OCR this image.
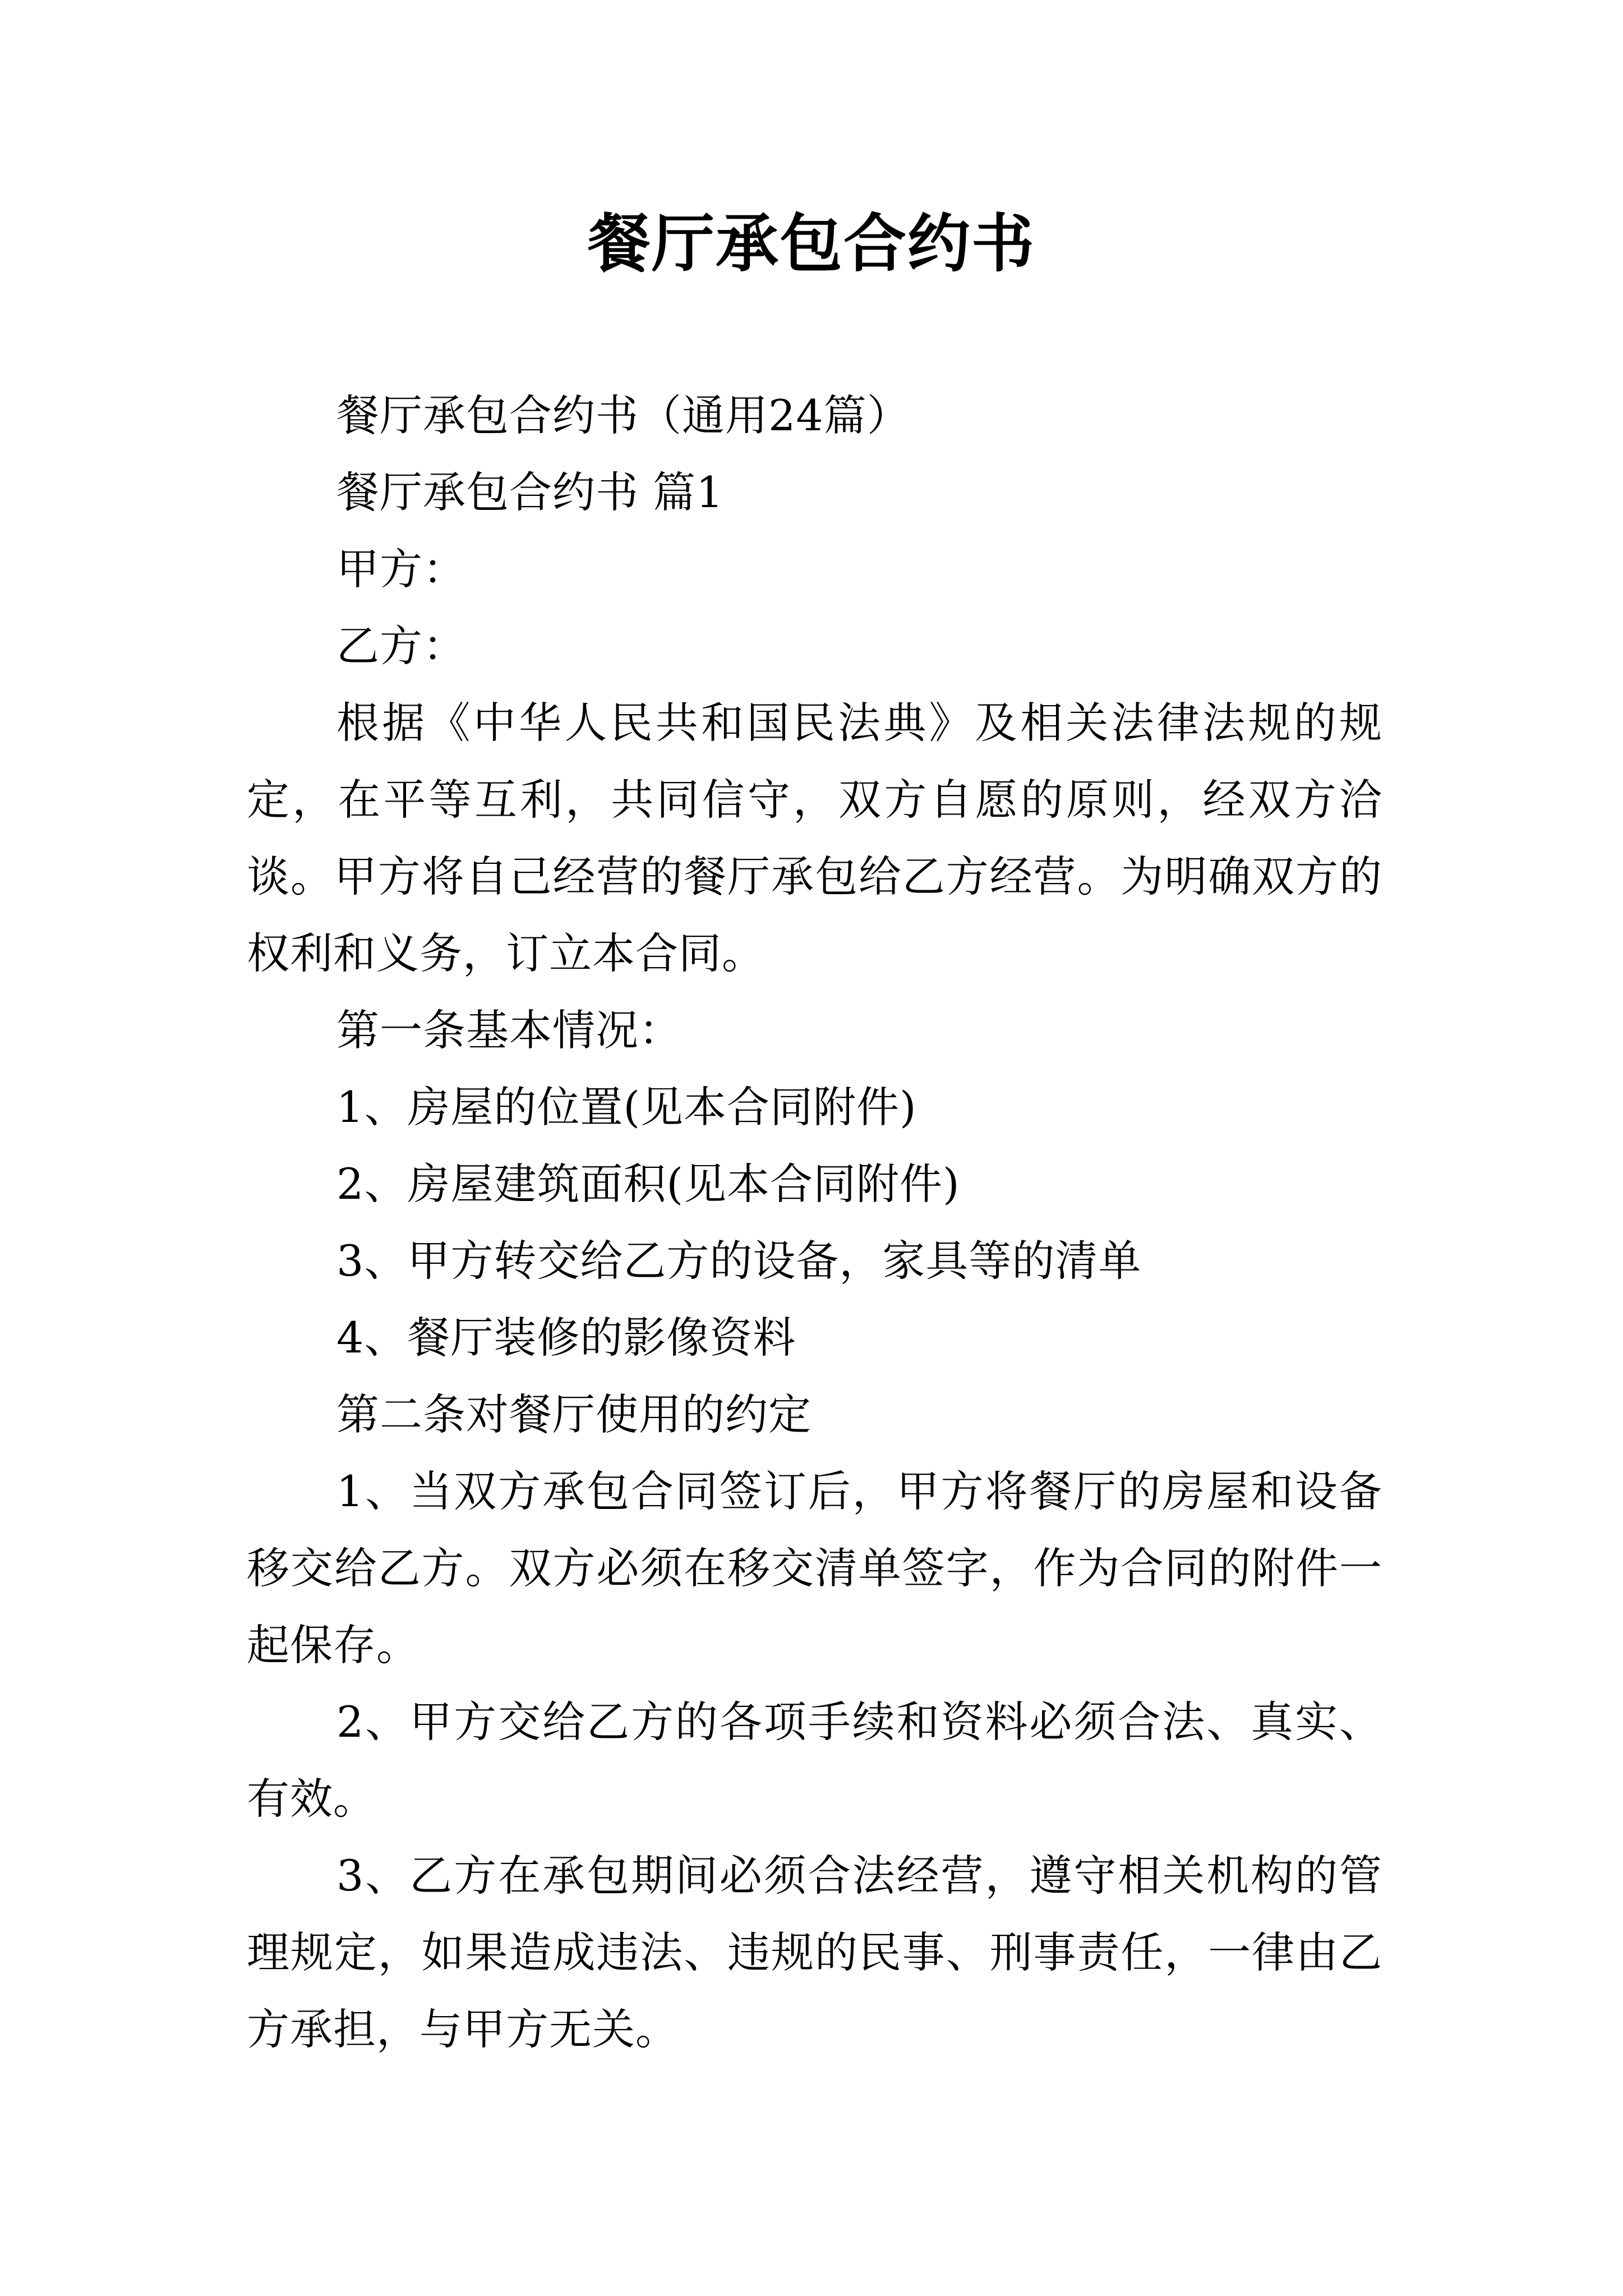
餐厅承包合约书

餐厅承包合约书（通用24篇）

餐厅承包合约书 篇1

甲方：

乙方：

根据《中华人民共和国民法典》及相关法律法规的规定，在平等互利，共同信守，双方自愿的原则，经双方洽谈。甲方将自己经营的餐厅承包给乙方经营。为明确双方的权利和义务，订立本合同。

第一条基本情况：

1、房屋的位置(见本合同附件)

2、房屋建筑面积(见本合同附件)

3、甲方转交给乙方的设备，家具等的清单

4、餐厅装修的影像资料

第二条对餐厅使用的约定

1、当双方承包合同签订后，甲方将餐厅的房屋和设备移交给乙方。双方必须在移交清单签字，作为合同的附件一起保存。

2、甲方交给乙方的各项手续和资料必须合法、真实、有效。

3、乙方在承包期间必须合法经营，遵守相关机构的管理规定，如果造成违法、违规的民事、刑事责任，一律由乙方承担，与甲方无关。
